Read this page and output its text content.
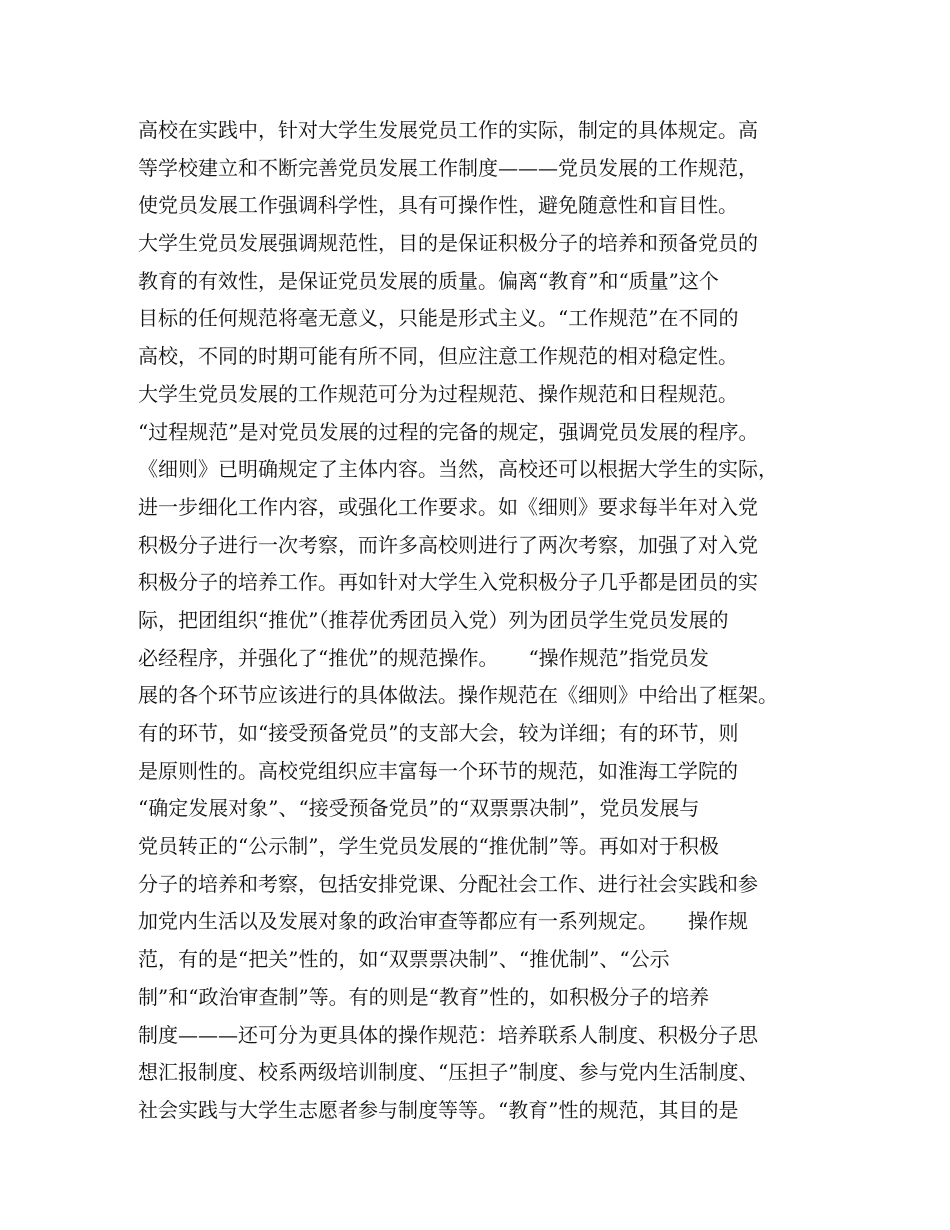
高校在实践中，针对大学生发展党员工作的实际，制定的具体规定。高
等学校建立和不断完善党员发展工作制度———党员发展的工作规范，
使党员发展工作强调科学性，具有可操作性，避免随意性和盲目性。
大学生党员发展强调规范性，目的是保证积极分子的培养和预备党员的
教育的有效性，是保证党员发展的质量。偏离“教育”和“质量”这个
目标的任何规范将毫无意义，只能是形式主义。“工作规范”在不同的
高校，不同的时期可能有所不同，但应注意工作规范的相对稳定性。
大学生党员发展的工作规范可分为过程规范、操作规范和日程规范。
“过程规范”是对党员发展的过程的完备的规定，强调党员发展的程序。
《细则》已明确规定了主体内容。当然，高校还可以根据大学生的实际，
进一步细化工作内容，或强化工作要求。如《细则》要求每半年对入党
积极分子进行一次考察，而许多高校则进行了两次考察，加强了对入党
积极分子的培养工作。再如针对大学生入党积极分子几乎都是团员的实
际，把团组织“推优”（推荐优秀团员入党）列为团员学生党员发展的
必经程序，并强化了“推优”的规范操作。　　“操作规范”指党员发
展的各个环节应该进行的具体做法。操作规范在《细则》中给出了框架。
有的环节，如“接受预备党员”的支部大会，较为详细；有的环节，则
是原则性的。高校党组织应丰富每一个环节的规范，如淮海工学院的
“确定发展对象”、“接受预备党员”的“双票票决制”，党员发展与
党员转正的“公示制”，学生党员发展的“推优制”等。再如对于积极
分子的培养和考察，包括安排党课、分配社会工作、进行社会实践和参
加党内生活以及发展对象的政治审查等都应有一系列规定。　　操作规
范，有的是“把关”性的，如“双票票决制”、“推优制”、“公示
制”和“政治审查制”等。有的则是“教育”性的，如积极分子的培养
制度———还可分为更具体的操作规范：培养联系人制度、积极分子思
想汇报制度、校系两级培训制度、“压担子”制度、参与党内生活制度、
社会实践与大学生志愿者参与制度等等。“教育”性的规范，其目的是
